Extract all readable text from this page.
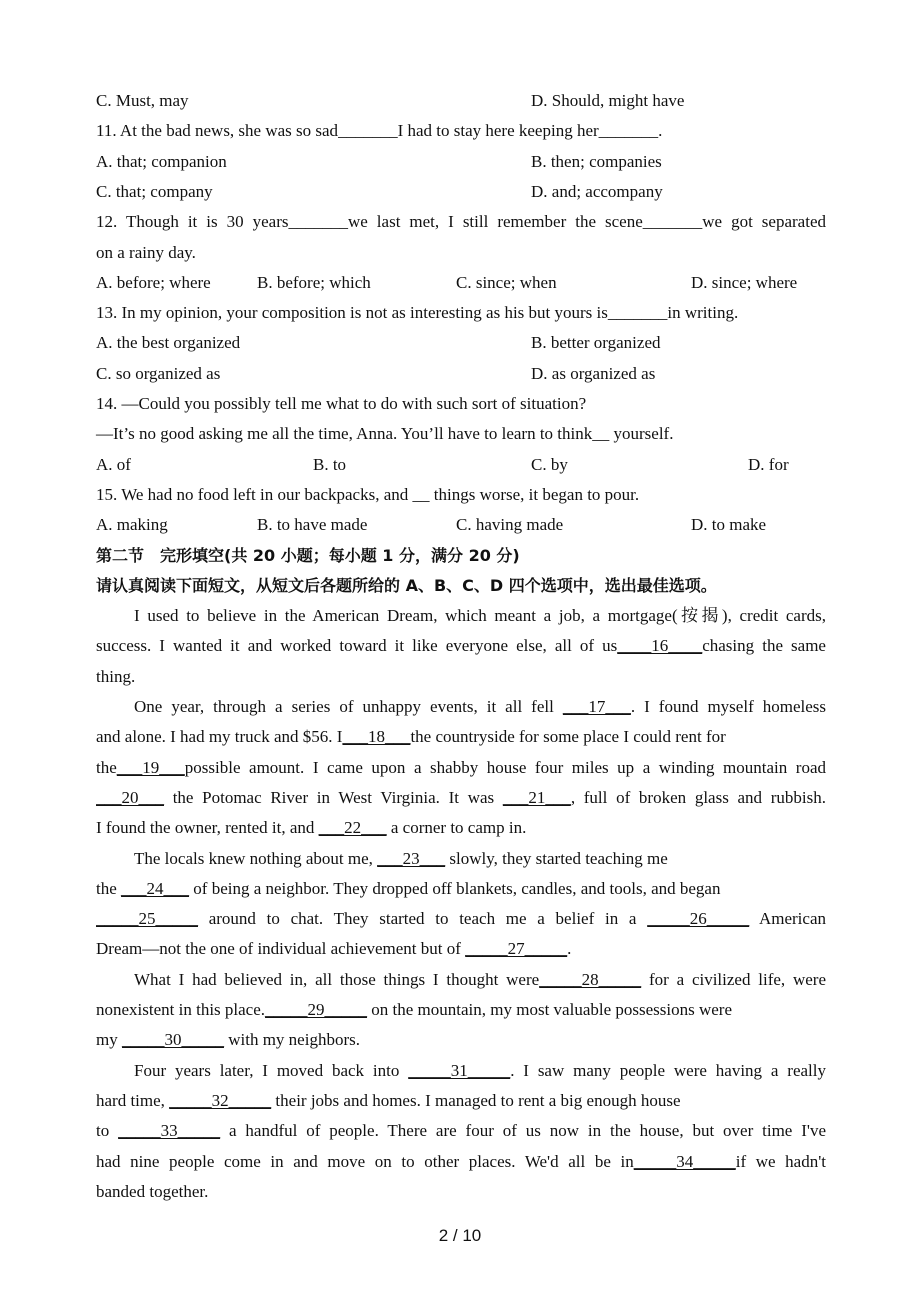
C. Must, may	D. Should, might have
11. At the bad news, she was so sad_______I had to stay here keeping her_______.
A. that; companion	B. then; companies
C. that; company	D. and; accompany
12. Though it is 30 years_______we last met, I still remember the scene_______we got separated
on a rainy day.
A. before; where	B. before; which	C. since; when	D. since; where
13. In my opinion, your composition is not as interesting as his but yours is_______in writing.
A. the best organized	B. better organized
C. so organized as	D. as organized as
14. —Could you possibly tell me what to do with such sort of situation?
—It’s no good asking me all the time, Anna. You’ll have to learn to think__ yourself.
A. of	B. to	C. by	D. for
15. We had no food left in our backpacks, and __ things worse, it began to pour.
A. making	B. to have made	C. having made	D. to make
第二节　完形填空(共 20 小题；每小题 1 分，满分 20 分)
请认真阅读下面短文，从短文后各题所给的 A、B、C、D 四个选项中，选出最佳选项。
I used to believe in the American Dream, which meant a job, a mortgage(按揭), credit cards,
success. I wanted it and worked toward it like everyone else, all of us____16____chasing the same
thing.
One year, through a series of unhappy events, it all fell ___17___. I found myself homeless
and alone. I had my truck and $56. I___18___the countryside for some place I could rent for
the___19___possible amount. I came upon a shabby house four miles up a winding mountain road
___20___ the Potomac River in West Virginia. It was ___21___, full of broken glass and rubbish.
I found the owner, rented it, and ___22___ a corner to camp in.
The locals knew nothing about me, ___23___ slowly, they started teaching me
the ___24___ of being a neighbor. They dropped off blankets, candles, and tools, and began
_____25_____ around to chat. They started to teach me a belief in a _____26_____ American
Dream—not the one of individual achievement but of _____27_____.
What I had believed in, all those things I thought were_____28_____ for a civilized life, were
nonexistent in this place._____29_____ on the mountain, my most valuable possessions were
my _____30_____ with my neighbors.
Four years later, I moved back into _____31_____. I saw many people were having a really
hard time, _____32_____ their jobs and homes. I managed to rent a big enough house
to _____33_____ a handful of people. There are four of us now in the house, but over time I've
had nine people come in and move on to other places. We'd all be in_____34_____if we hadn't
banded together.
2 / 10
